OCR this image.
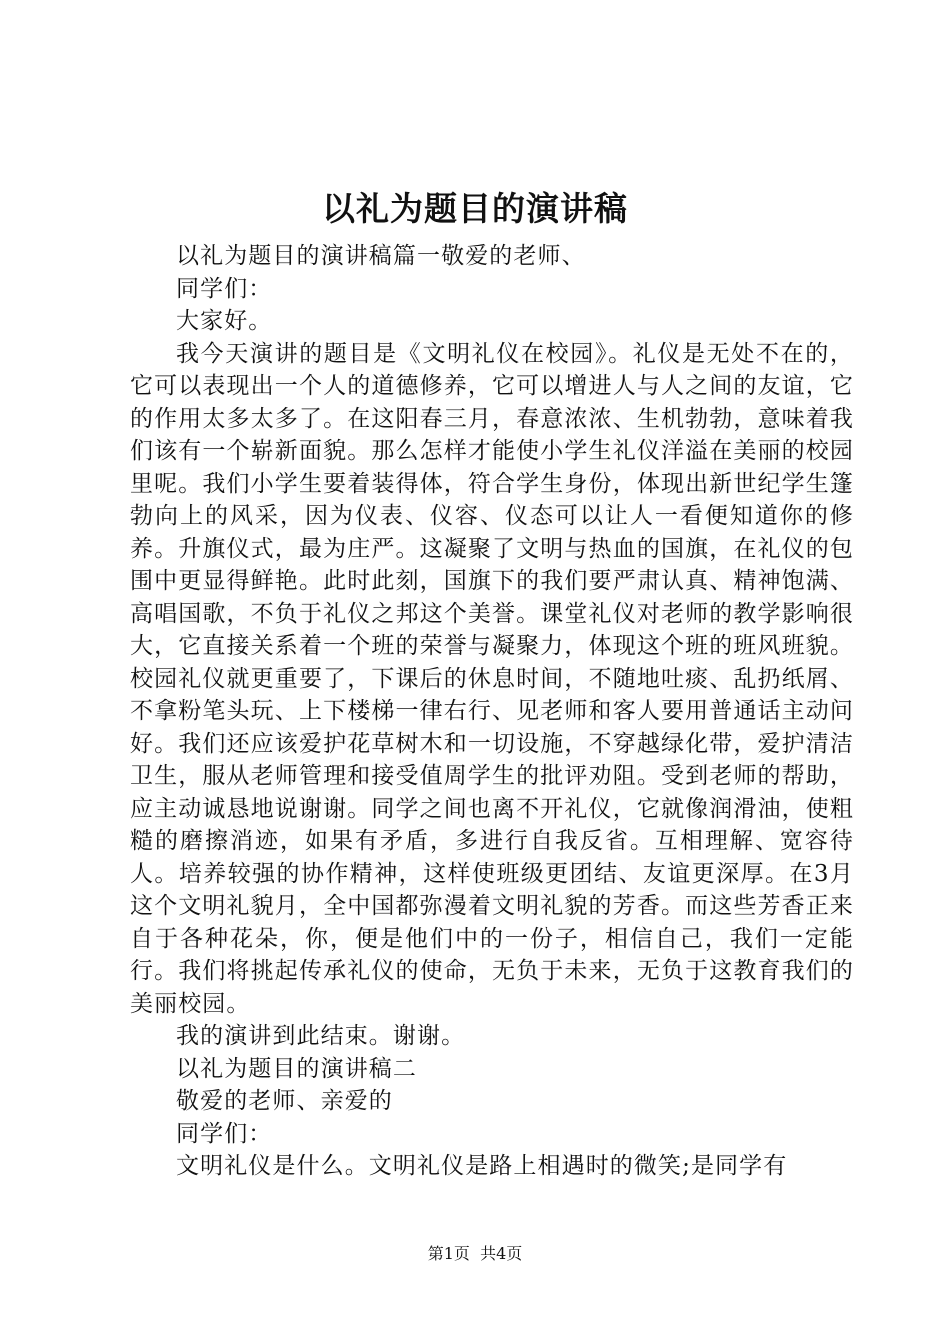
以礼为题目的演讲稿

以礼为题目的演讲稿篇一敬爱的老师、

同学们：

大家好。

我今天演讲的题目是《文明礼仪在校园》。礼仪是无处不在的，它可以表现出一个人的道德修养，它可以增进人与人之间的友谊，它的作用太多太多了。在这阳春三月，春意浓浓、生机勃勃，意味着我们该有一个崭新面貌。那么怎样才能使小学生礼仪洋溢在美丽的校园里呢。我们小学生要着装得体，符合学生身份，体现出新世纪学生篷勃向上的风采，因为仪表、仪容、仪态可以让人一看便知道你的修养。升旗仪式，最为庄严。这凝聚了文明与热血的国旗，在礼仪的包围中更显得鲜艳。此时此刻，国旗下的我们要严肃认真、精神饱满、高唱国歌，不负于礼仪之邦这个美誉。课堂礼仪对老师的教学影响很大，它直接关系着一个班的荣誉与凝聚力，体现这个班的班风班貌。校园礼仪就更重要了，下课后的休息时间，不随地吐痰、乱扔纸屑、不拿粉笔头玩、上下楼梯一律右行、见老师和客人要用普通话主动问好。我们还应该爱护花草树木和一切设施，不穿越绿化带，爱护清洁卫生，服从老师管理和接受值周学生的批评劝阻。受到老师的帮助，应主动诚恳地说谢谢。同学之间也离不开礼仪，它就像润滑油，使粗糙的磨擦消迹，如果有矛盾，多进行自我反省。互相理解、宽容待人。培养较强的协作精神，这样使班级更团结、友谊更深厚。在3月这个文明礼貌月，全中国都弥漫着文明礼貌的芳香。而这些芳香正来自于各种花朵，你，便是他们中的一份子，相信自己，我们一定能行。我们将挑起传承礼仪的使命，无负于未来，无负于这教育我们的美丽校园。

我的演讲到此结束。谢谢。

以礼为题目的演讲稿二

敬爱的老师、亲爱的

同学们：

文明礼仪是什么。文明礼仪是路上相遇时的微笑;是同学有

第1页  共4页
